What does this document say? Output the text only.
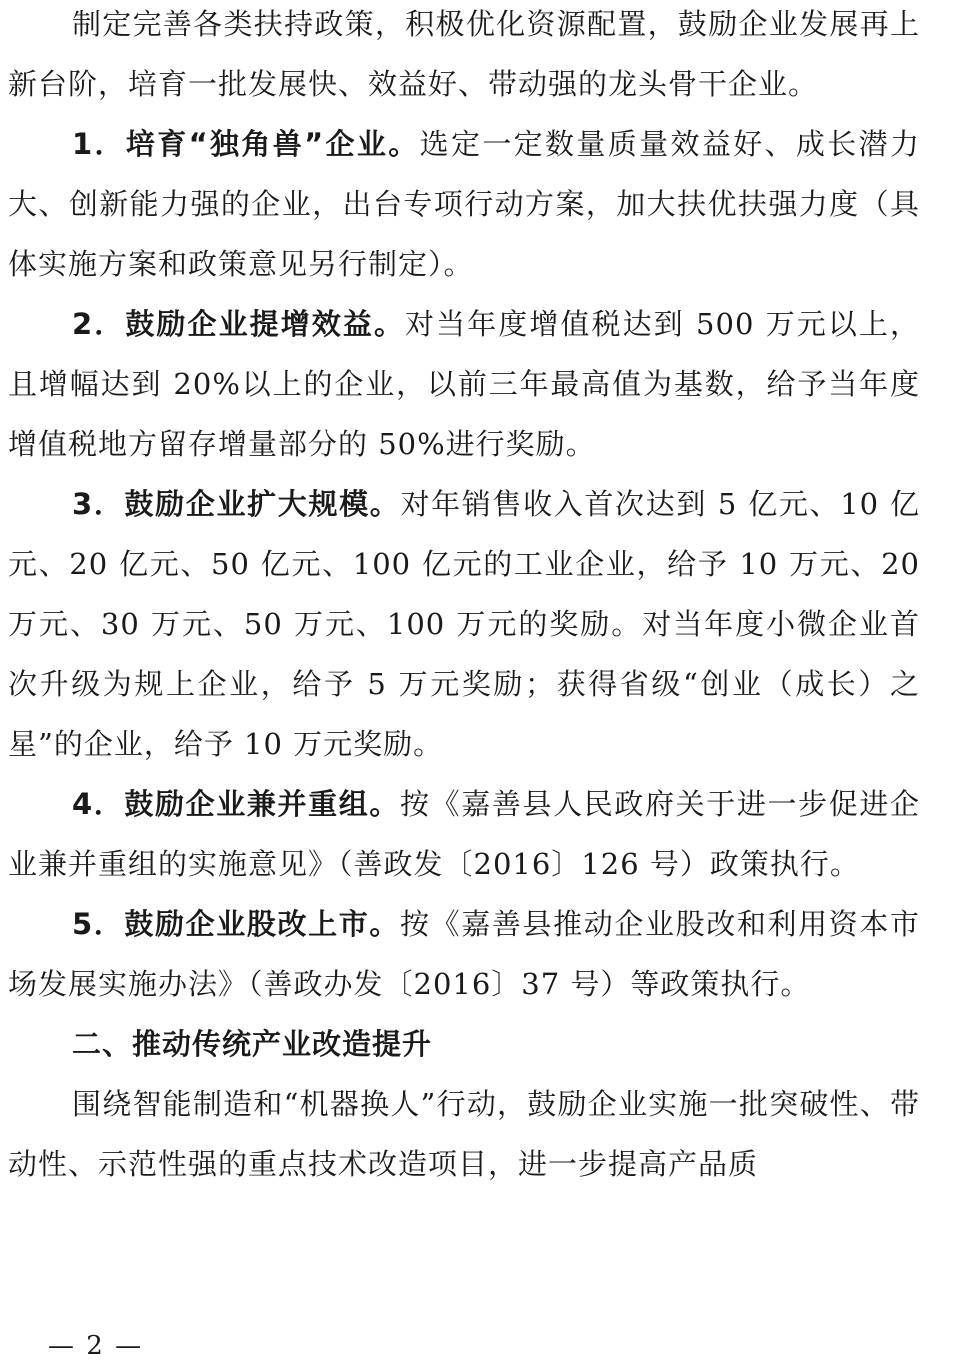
制定完善各类扶持政策，积极优化资源配置，鼓励企业发展再上新台阶，培育一批发展快、效益好、带动强的龙头骨干企业。

1．培育“独角兽”企业。选定一定数量质量效益好、成长潜力大、创新能力强的企业，出台专项行动方案，加大扶优扶强力度（具体实施方案和政策意见另行制定）。

2．鼓励企业提增效益。对当年度增值税达到 500 万元以上，且增幅达到 20%以上的企业，以前三年最高值为基数，给予当年度增值税地方留存增量部分的 50%进行奖励。

3．鼓励企业扩大规模。对年销售收入首次达到 5 亿元、10 亿元、20 亿元、50 亿元、100 亿元的工业企业，给予 10 万元、20 万元、30 万元、50 万元、100 万元的奖励。对当年度小微企业首次升级为规上企业，给予 5 万元奖励；获得省级“创业（成长）之星”的企业，给予 10 万元奖励。

4．鼓励企业兼并重组。按《嘉善县人民政府关于进一步促进企业兼并重组的实施意见》（善政发〔2016〕126 号）政策执行。

5．鼓励企业股改上市。按《嘉善县推动企业股改和利用资本市场发展实施办法》（善政办发〔2016〕37 号）等政策执行。

二、推动传统产业改造提升

围绕智能制造和“机器换人”行动，鼓励企业实施一批突破性、带动性、示范性强的重点技术改造项目，进一步提高产品质

— 2 —
